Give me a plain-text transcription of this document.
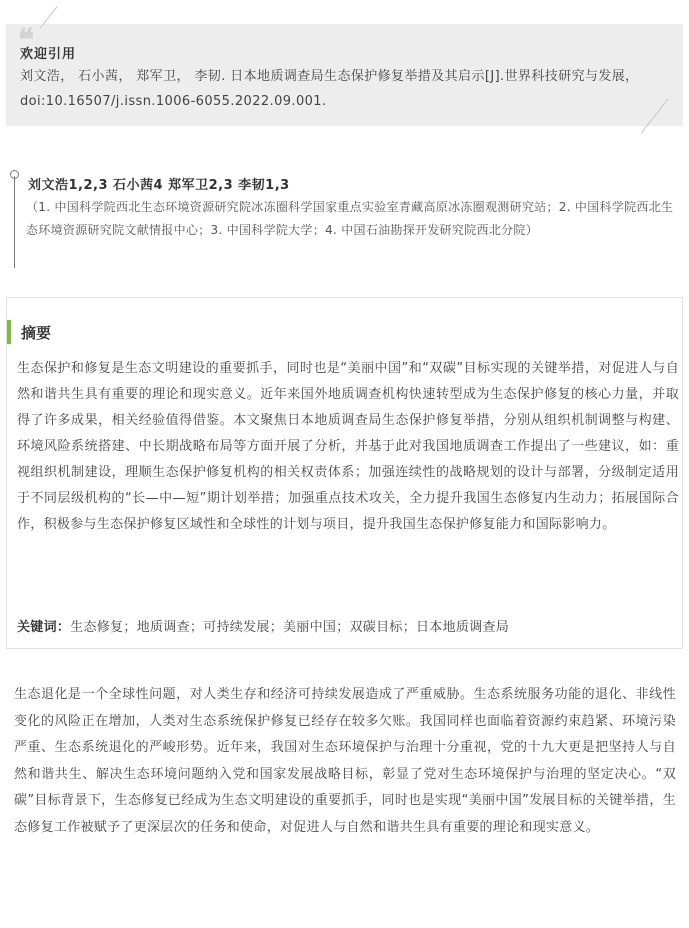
❝
欢迎引用
刘文浩， 石小茜， 郑军卫， 李韧. 日本地质调查局生态保护修复举措及其启示[J].世界科技研究与发展，doi:10.16507/j.issn.1006-6055.2022.09.001.
刘文浩1,2,3 石小茜4 郑军卫2,3 李韧1,3
（1. 中国科学院西北生态环境资源研究院冰冻圈科学国家重点实验室青藏高原冰冻圈观测研究站；2. 中国科学院西北生态环境资源研究院文献情报中心；3. 中国科学院大学；4. 中国石油勘探开发研究院西北分院）
摘要
生态保护和修复是生态文明建设的重要抓手，同时也是“美丽中国”和“双碳”目标实现的关键举措，对促进人与自然和谐共生具有重要的理论和现实意义。近年来国外地质调查机构快速转型成为生态保护修复的核心力量，并取得了许多成果，相关经验值得借鉴。本文聚焦日本地质调查局生态保护修复举措，分别从组织机制调整与构建、环境风险系统搭建、中长期战略布局等方面开展了分析，并基于此对我国地质调查工作提出了一些建议，如：重视组织机制建设，理顺生态保护修复机构的相关权责体系；加强连续性的战略规划的设计与部署，分级制定适用于不同层级机构的“长—中—短”期计划举措；加强重点技术攻关，全力提升我国生态修复内生动力；拓展国际合作，积极参与生态保护修复区域性和全球性的计划与项目，提升我国生态保护修复能力和国际影响力。
关键词：生态修复；地质调查；可持续发展；美丽中国；双碳目标；日本地质调查局
生态退化是一个全球性问题，对人类生存和经济可持续发展造成了严重威胁。生态系统服务功能的退化、非线性变化的风险正在增加，人类对生态系统保护修复已经存在较多欠账。我国同样也面临着资源约束趋紧、环境污染严重、生态系统退化的严峻形势。近年来，我国对生态环境保护与治理十分重视，党的十九大更是把坚持人与自然和谐共生、解决生态环境问题纳入党和国家发展战略目标，彰显了党对生态环境保护与治理的坚定决心。“双碳”目标背景下，生态修复已经成为生态文明建设的重要抓手，同时也是实现“美丽中国”发展目标的关键举措，生态修复工作被赋予了更深层次的任务和使命，对促进人与自然和谐共生具有重要的理论和现实意义。
